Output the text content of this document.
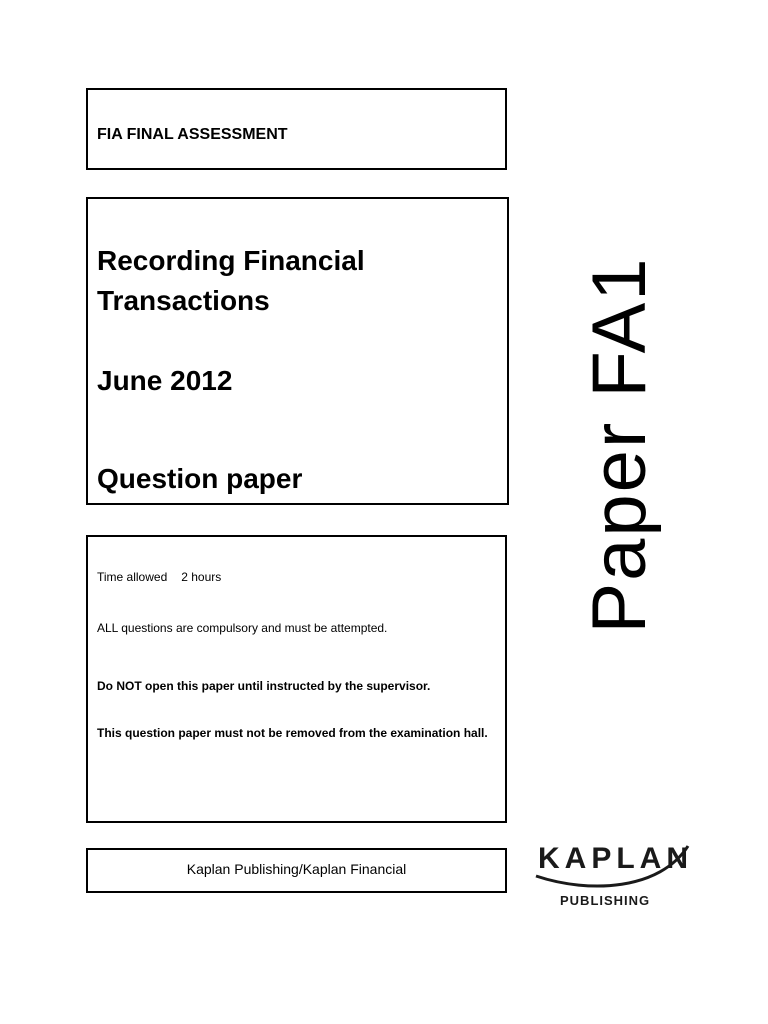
FIA FINAL ASSESSMENT
Recording Financial
Transactions
June 2012
Question paper
Time allowed 2 hours
ALL questions are compulsory and must be attempted.
Do NOT open this paper until instructed by the supervisor.
This question paper must not be removed from the examination hall.
Kaplan Publishing/Kaplan Financial
Paper FA1
KAPLAN
PUBLISHING
